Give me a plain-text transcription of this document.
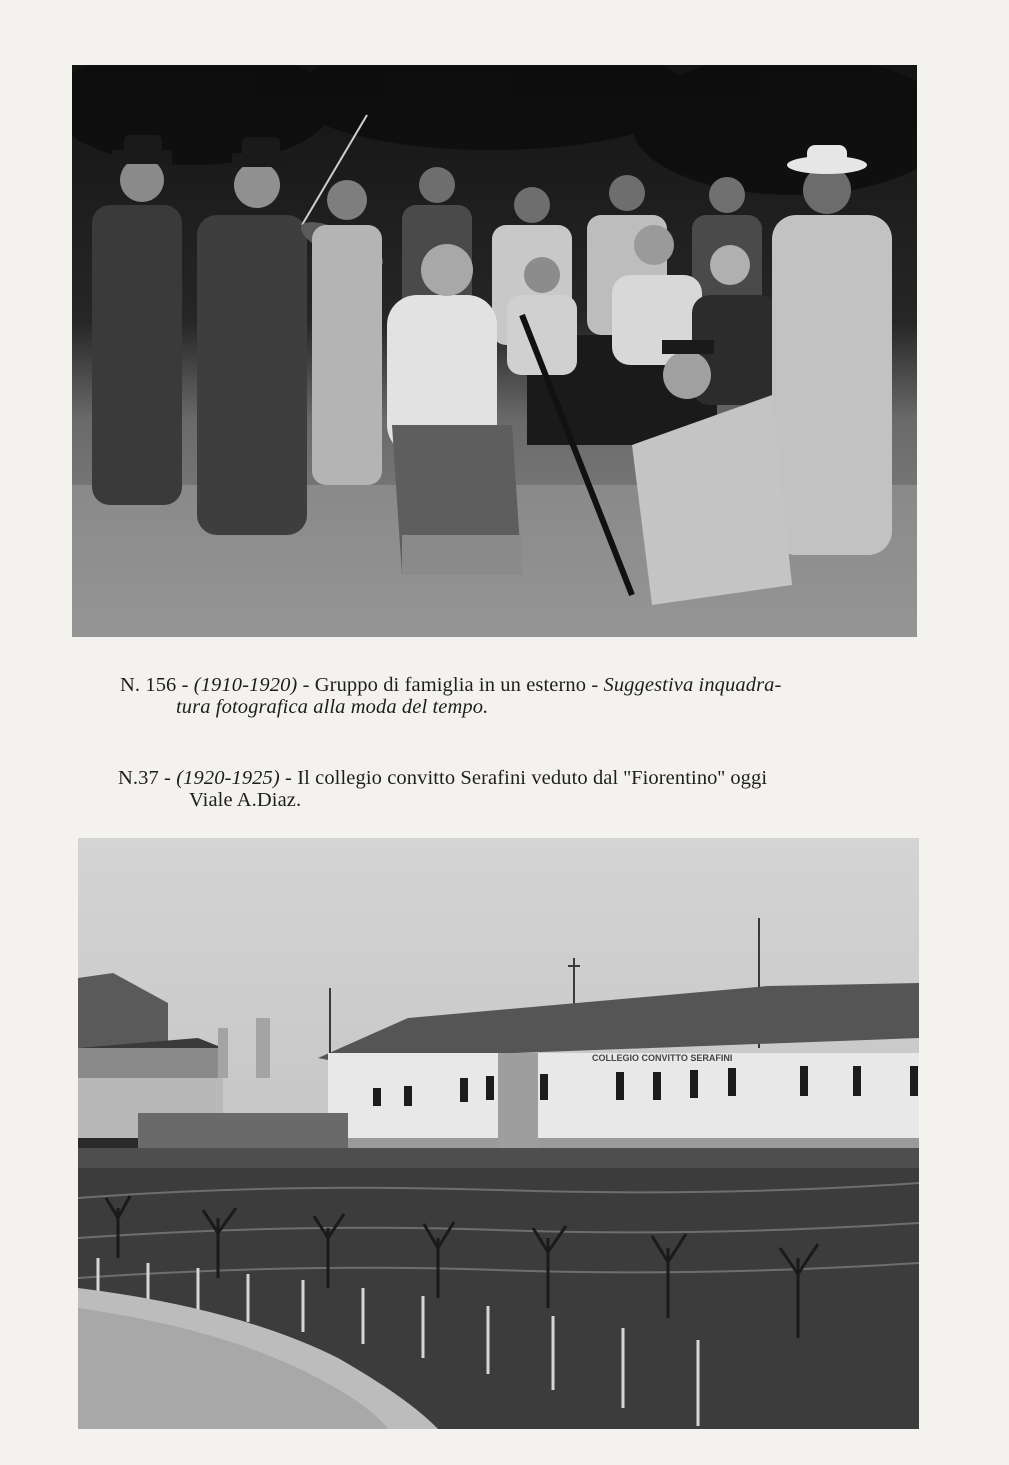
N. 156 - (1910-1920) - Gruppo di famiglia in un esterno - Suggestiva inquadra-
tura fotografica alla moda del tempo.
N.37 - (1920-1925) - Il collegio convitto Serafini veduto dal ''Fiorentino'' oggi
Viale A.Diaz.
COLLEGIO CONVITTO SERAFINI
